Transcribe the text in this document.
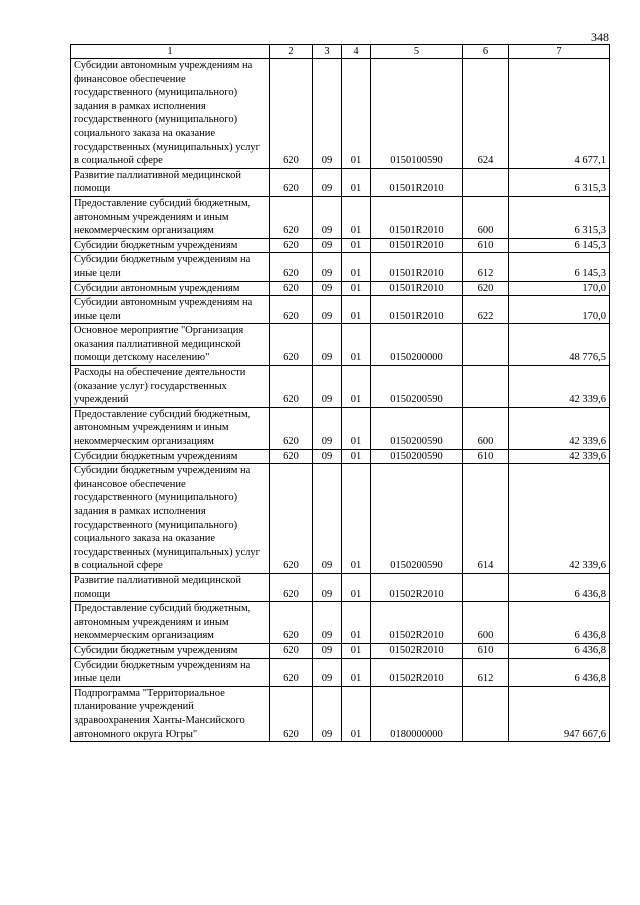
348
1	2	3	4	5	6	7
Субсидии автономным учреждениям на финансовое обеспечение государственного (муниципального) задания в рамках исполнения государственного (муниципального) социального заказа на оказание государственных (муниципальных) услуг в социальной сфере	620	09	01	0150100590	624	4 677,1
Развитие паллиативной медицинской помощи	620	09	01	01501R2010		6 315,3
Предоставление субсидий бюджетным, автономным учреждениям и иным некоммерческим организациям	620	09	01	01501R2010	600	6 315,3
Субсидии бюджетным учреждениям	620	09	01	01501R2010	610	6 145,3
Субсидии бюджетным учреждениям на иные цели	620	09	01	01501R2010	612	6 145,3
Субсидии автономным учреждениям	620	09	01	01501R2010	620	170,0
Субсидии автономным учреждениям на иные цели	620	09	01	01501R2010	622	170,0
Основное мероприятие "Организация оказания паллиативной медицинской помощи детскому населению"	620	09	01	0150200000		48 776,5
Расходы на обеспечение деятельности (оказание услуг) государственных учреждений	620	09	01	0150200590		42 339,6
Предоставление субсидий бюджетным, автономным учреждениям и иным некоммерческим организациям	620	09	01	0150200590	600	42 339,6
Субсидии бюджетным учреждениям	620	09	01	0150200590	610	42 339,6
Субсидии бюджетным учреждениям на финансовое обеспечение государственного (муниципального) задания в рамках исполнения государственного (муниципального) социального заказа на оказание государственных (муниципальных) услуг в социальной сфере	620	09	01	0150200590	614	42 339,6
Развитие паллиативной медицинской помощи	620	09	01	01502R2010		6 436,8
Предоставление субсидий бюджетным, автономным учреждениям и иным некоммерческим организациям	620	09	01	01502R2010	600	6 436,8
Субсидии бюджетным учреждениям	620	09	01	01502R2010	610	6 436,8
Субсидии бюджетным учреждениям на иные цели	620	09	01	01502R2010	612	6 436,8
Подпрограмма "Территориальное планирование учреждений здравоохранения Ханты-Мансийского автономного округа Югры"	620	09	01	0180000000		947 667,6
